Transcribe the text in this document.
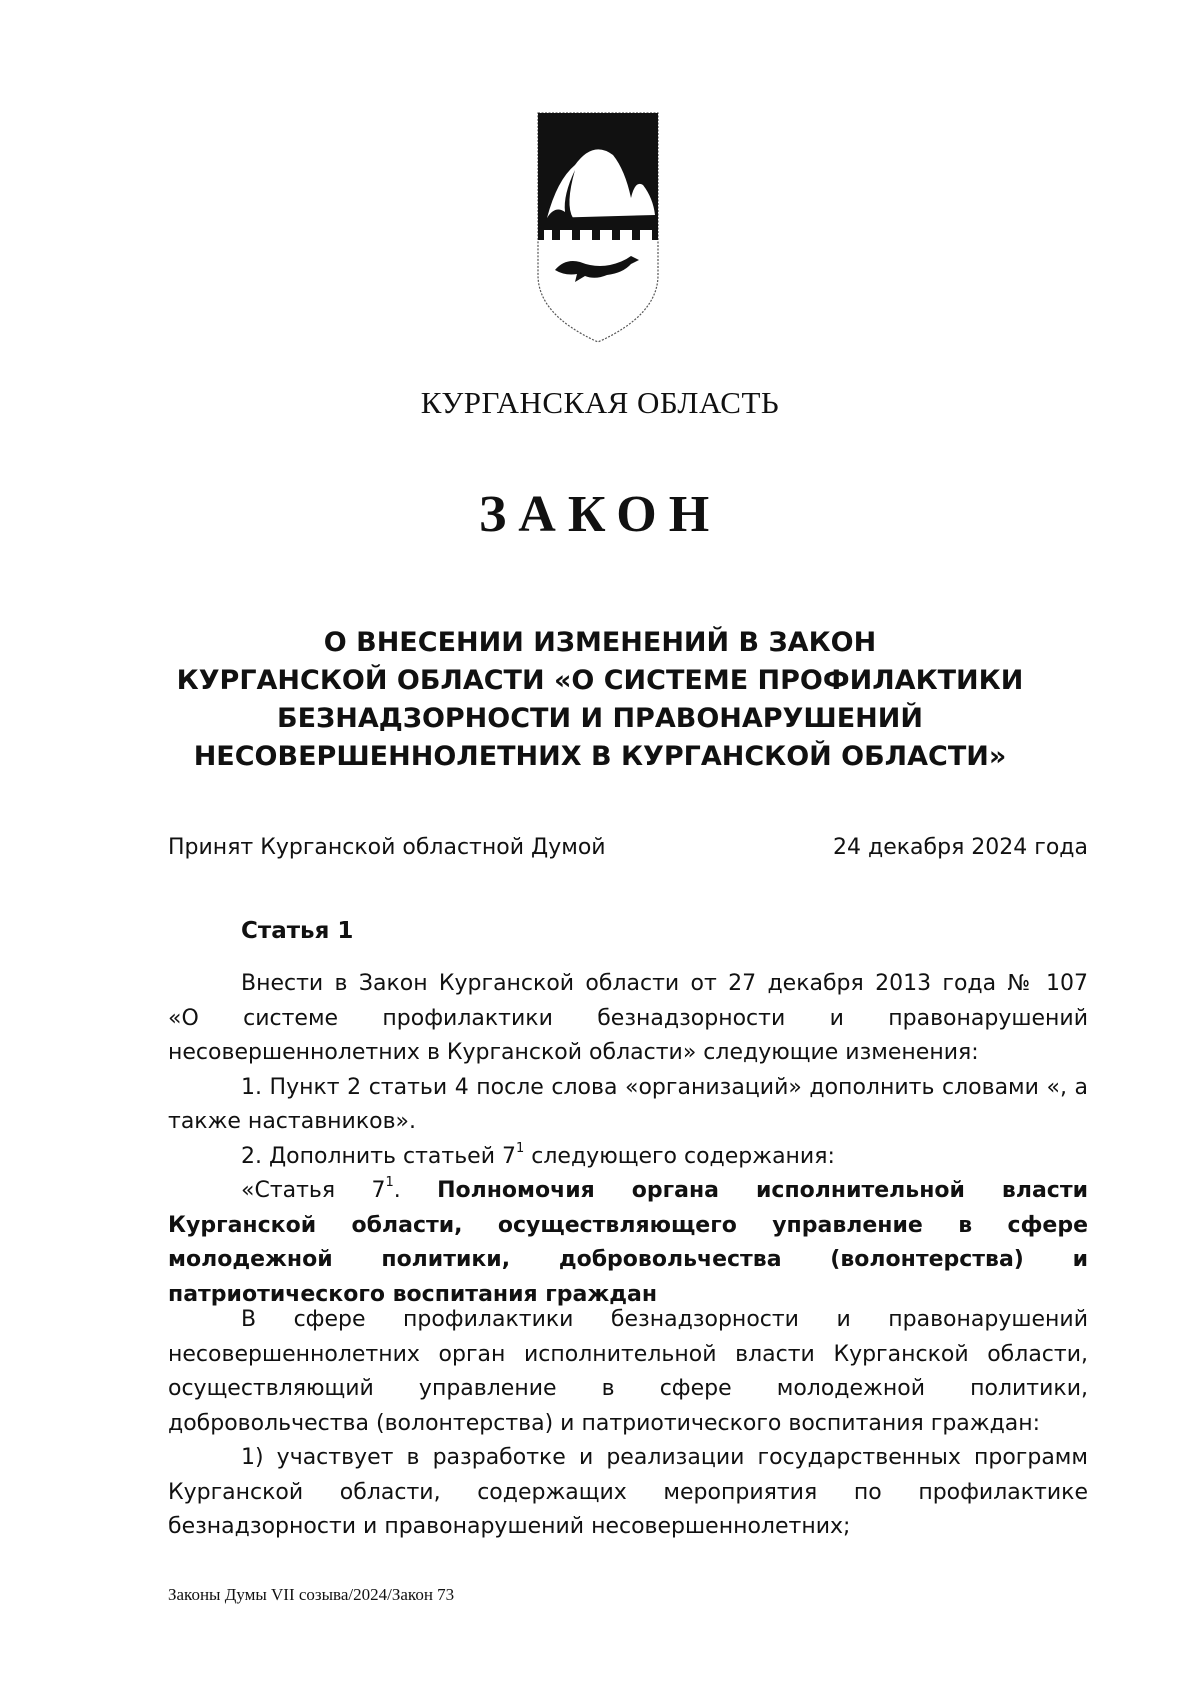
КУРГАНСКАЯ ОБЛАСТЬ
ЗАКОН
О ВНЕСЕНИИ ИЗМЕНЕНИЙ В ЗАКОН
КУРГАНСКОЙ ОБЛАСТИ «О СИСТЕМЕ ПРОФИЛАКТИКИ
БЕЗНАДЗОРНОСТИ И ПРАВОНАРУШЕНИЙ
НЕСОВЕРШЕННОЛЕТНИХ В КУРГАНСКОЙ ОБЛАСТИ»
Принят Курганской областной Думой	24 декабря 2024 года
Статья 1

Внести в Закон Курганской области от 27 декабря 2013 года № 107

«О системе профилактики безнадзорности и правонарушений

несовершеннолетних в Курганской области» следующие изменения:

1. Пункт 2 статьи 4 после слова «организаций» дополнить словами «, а также наставников».

2. Дополнить статьей $7^1$ следующего содержания:

«Статья $7^1$. Полномочия органа исполнительной власти Курганской области, осуществляющего управление в сфере молодежной политики, добровольчества (волонтерства) и патриотического воспитания граждан

В сфере профилактики безнадзорности и правонарушений

несовершеннолетних орган исполнительной власти Курганской области,

осуществляющий управление в сфере молодежной политики,

добровольчества (волонтерства) и патриотического воспитания граждан:

1) участвует в разработке и реализации государственных программ Курганской области, содержащих мероприятия по профилактике безнадзорности и правонарушений несовершеннолетних;

Законы Думы VII созыва/2024/Закон 73
